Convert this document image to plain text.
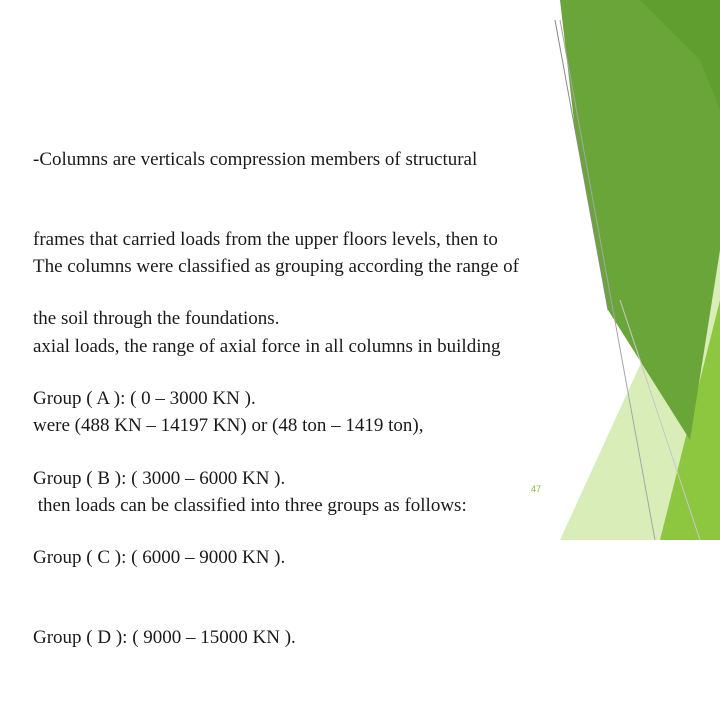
-Columns are verticals compression members of structural

frames that carried loads from the upper floors levels, then to

the soil through the foundations.

The columns were classified as grouping according the range of

axial loads, the range of axial force in all columns in building

were (488 KN – 14197 KN) or (48 ton – 1419 ton),

then loads can be classified into three groups as follows:

Group ( A ): ( 0 – 3000 KN ).

Group ( B ): ( 3000 – 6000 KN ).

Group ( C ): ( 6000 – 9000 KN ).

Group ( D ): ( 9000 – 15000 KN ).

47
